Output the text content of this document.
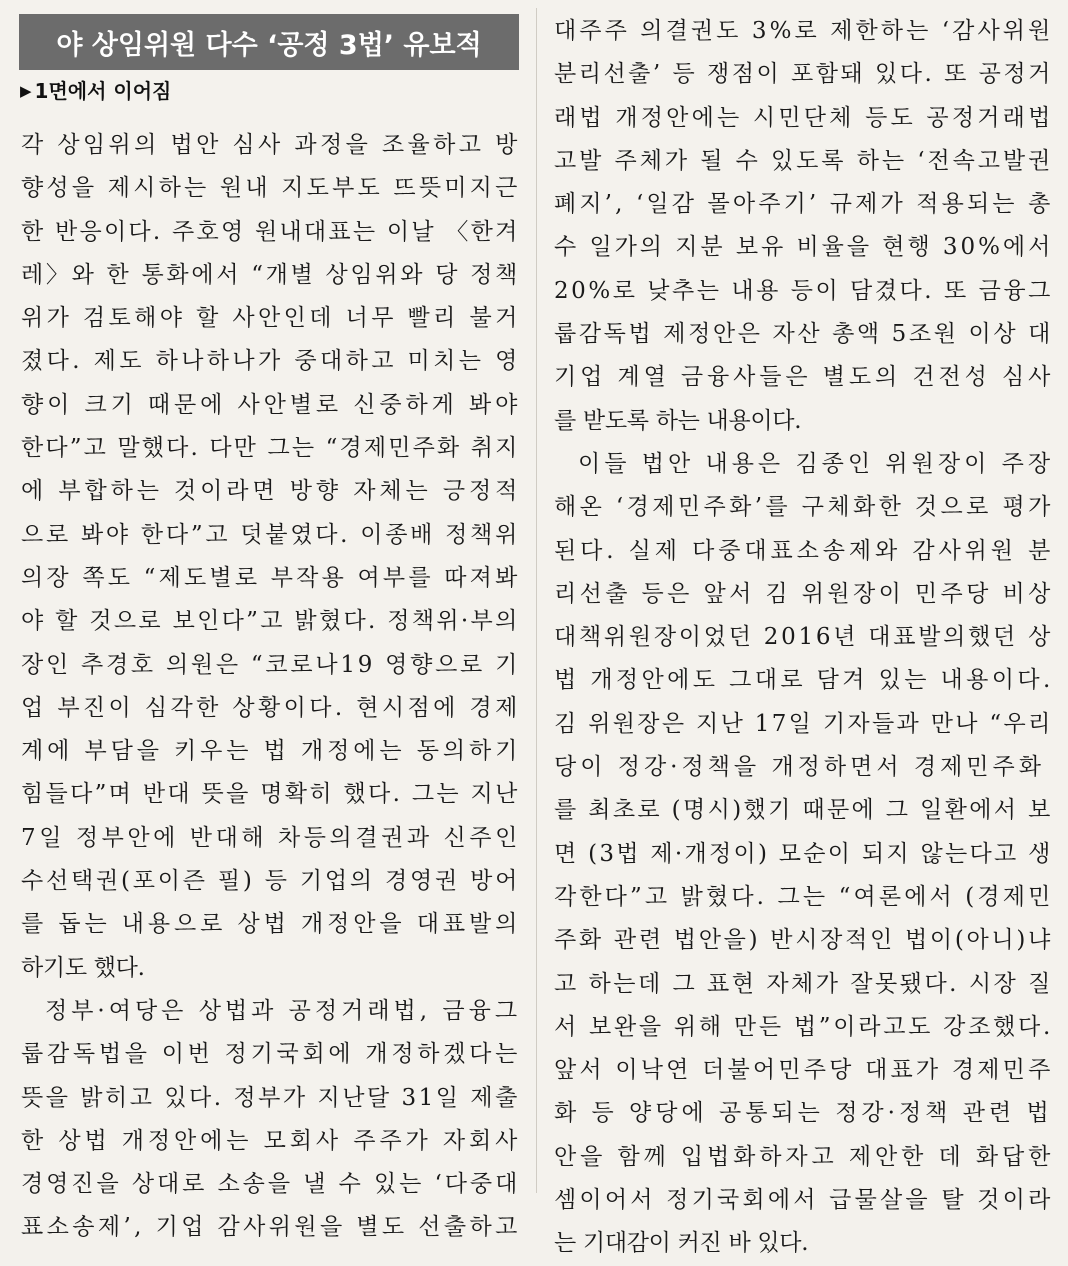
야 상임위원 다수 ‘공정 3법’ 유보적
▶ 1면에서 이어짐
각 상임위의 법안 심사 과정을 조율하고 방
향성을 제시하는 원내 지도부도 뜨뜻미지근
한 반응이다. 주호영 원내대표는 이날 〈한겨
레〉와 한 통화에서 “개별 상임위와 당 정책
위가 검토해야 할 사안인데 너무 빨리 불거
졌다. 제도 하나하나가 중대하고 미치는 영
향이 크기 때문에 사안별로 신중하게 봐야
한다”고 말했다. 다만 그는 “경제민주화 취지
에 부합하는 것이라면 방향 자체는 긍정적
으로 봐야 한다”고 덧붙였다. 이종배 정책위
의장 쪽도 “제도별로 부작용 여부를 따져봐
야 할 것으로 보인다”고 밝혔다. 정책위·부의
장인 추경호 의원은 “코로나19 영향으로 기
업 부진이 심각한 상황이다. 현시점에 경제
계에 부담을 키우는 법 개정에는 동의하기
힘들다”며 반대 뜻을 명확히 했다. 그는 지난
7일 정부안에 반대해 차등의결권과 신주인
수선택권(포이즌 필) 등 기업의 경영권 방어
를 돕는 내용으로 상법 개정안을 대표발의
하기도 했다.
정부·여당은 상법과 공정거래법, 금융그
룹감독법을 이번 정기국회에 개정하겠다는
뜻을 밝히고 있다. 정부가 지난달 31일 제출
한 상법 개정안에는 모회사 주주가 자회사
경영진을 상대로 소송을 낼 수 있는 ‘다중대
표소송제’, 기업 감사위원을 별도 선출하고
대주주 의결권도 3%로 제한하는 ‘감사위원
분리선출’ 등 쟁점이 포함돼 있다. 또 공정거
래법 개정안에는 시민단체 등도 공정거래법
고발 주체가 될 수 있도록 하는 ‘전속고발권
폐지’, ‘일감 몰아주기’ 규제가 적용되는 총
수 일가의 지분 보유 비율을 현행 30%에서
20%로 낮추는 내용 등이 담겼다. 또 금융그
룹감독법 제정안은 자산 총액 5조원 이상 대
기업 계열 금융사들은 별도의 건전성 심사
를 받도록 하는 내용이다.
이들 법안 내용은 김종인 위원장이 주장
해온 ‘경제민주화’를 구체화한 것으로 평가
된다. 실제 다중대표소송제와 감사위원 분
리선출 등은 앞서 김 위원장이 민주당 비상
대책위원장이었던 2016년 대표발의했던 상
법 개정안에도 그대로 담겨 있는 내용이다.
김 위원장은 지난 17일 기자들과 만나 “우리
당이 정강·정책을 개정하면서 경제민주화
를 최초로 (명시)했기 때문에 그 일환에서 보
면 (3법 제·개정이) 모순이 되지 않는다고 생
각한다”고 밝혔다. 그는 “여론에서 (경제민
주화 관련 법안을) 반시장적인 법이(아니)냐
고 하는데 그 표현 자체가 잘못됐다. 시장 질
서 보완을 위해 만든 법”이라고도 강조했다.
앞서 이낙연 더불어민주당 대표가 경제민주
화 등 양당에 공통되는 정강·정책 관련 법
안을 함께 입법화하자고 제안한 데 화답한
셈이어서 정기국회에서 급물살을 탈 것이라
는 기대감이 커진 바 있다.
